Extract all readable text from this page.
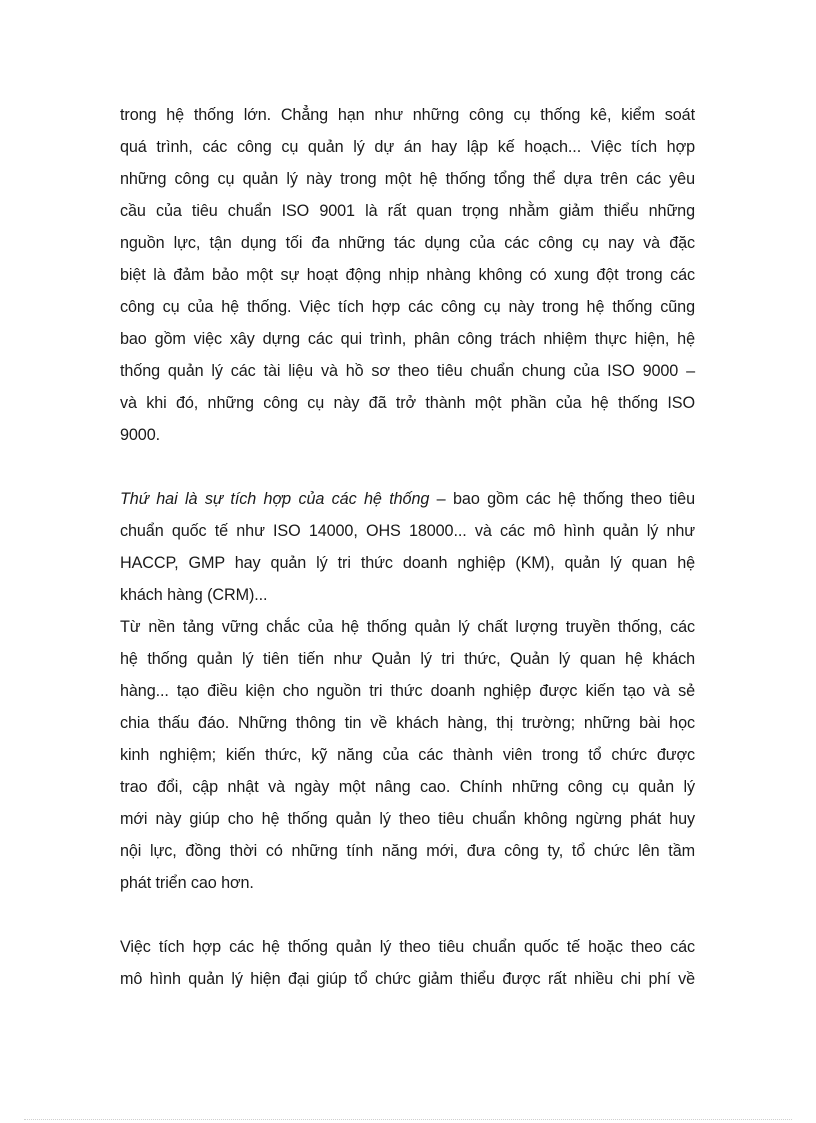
trong hệ thống lớn. Chẳng hạn như những công cụ thống kê, kiểm soát
quá trình, các công cụ quản lý dự án hay lập kế hoạch... Việc tích hợp
những công cụ quản lý này trong một hệ thống tổng thể dựa trên các yêu
cầu của tiêu chuẩn ISO 9001 là rất quan trọng nhằm giảm thiểu những
nguồn lực, tận dụng tối đa những tác dụng của các công cụ nay và đặc
biệt là đảm bảo một sự hoạt động nhịp nhàng không có xung đột trong các
công cụ của hệ thống. Việc tích hợp các công cụ này trong hệ thống cũng
bao gồm việc xây dựng các qui trình, phân công trách nhiệm thực hiện, hệ
thống quản lý các tài liệu và hồ sơ theo tiêu chuẩn chung của ISO 9000 –
và khi đó, những công cụ này đã trở thành một phần của hệ thống ISO
9000.
Thứ hai là sự tích hợp của các hệ thống – bao gồm các hệ thống theo tiêu
chuẩn quốc tế như ISO 14000, OHS 18000... và các mô hình quản lý như
HACCP, GMP hay quản lý tri thức doanh nghiệp (KM), quản lý quan hệ
khách hàng (CRM)...
Từ nền tảng vững chắc của hệ thống quản lý chất lượng truyền thống, các
hệ thống quản lý tiên tiến như Quản lý tri thức, Quản lý quan hệ khách
hàng... tạo điều kiện cho nguồn tri thức doanh nghiệp được kiến tạo và sẻ
chia thấu đáo. Những thông tin về khách hàng, thị trường; những bài học
kinh nghiệm; kiến thức, kỹ năng của các thành viên trong tổ chức được
trao đổi, cập nhật và ngày một nâng cao. Chính những công cụ quản lý
mới này giúp cho hệ thống quản lý theo tiêu chuẩn không ngừng phát huy
nội lực, đồng thời có những tính năng mới, đưa công ty, tổ chức lên tầm
phát triển cao hơn.
Việc tích hợp các hệ thống quản lý theo tiêu chuẩn quốc tế hoặc theo các
mô hình quản lý hiện đại giúp tổ chức giảm thiểu được rất nhiều chi phí về
